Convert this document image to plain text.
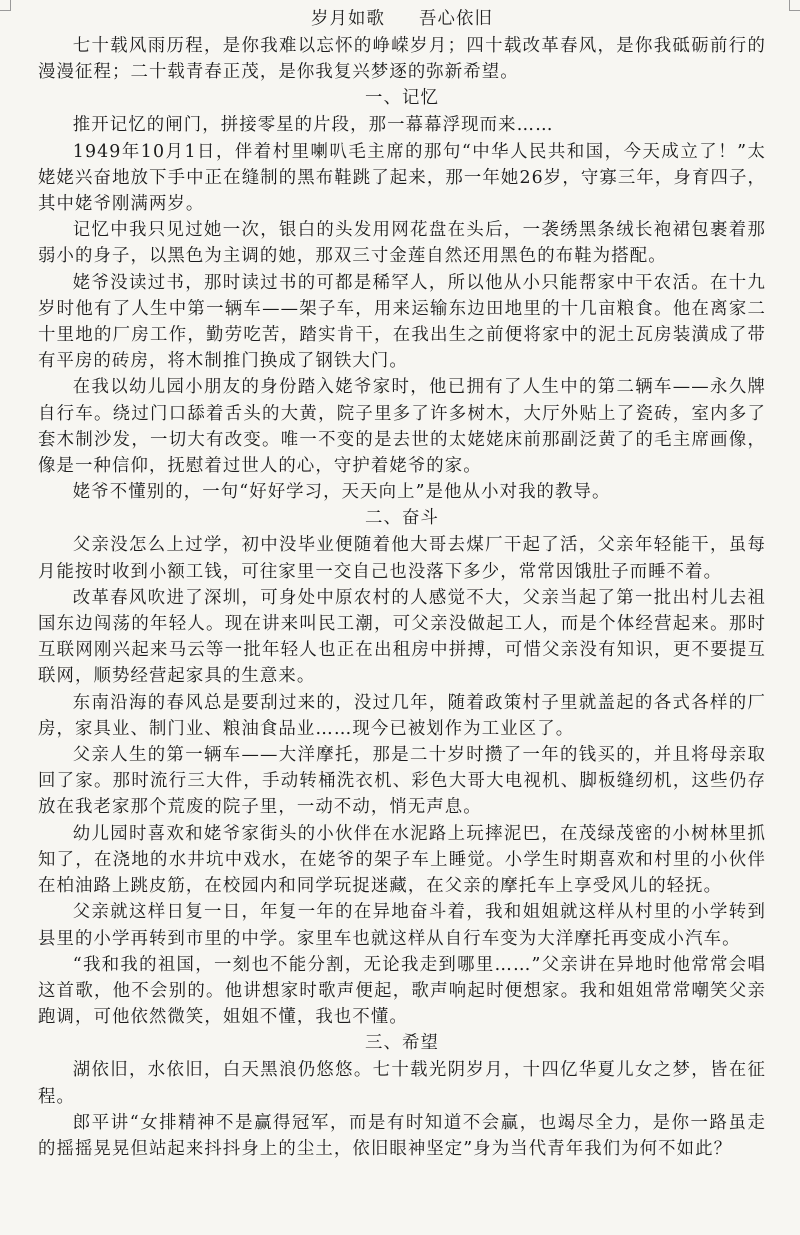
岁月如歌 吾心依旧

七十载风雨历程，是你我难以忘怀的峥嵘岁月；四十载改革春风，是你我砥砺前行的漫漫征程；二十载青春正茂，是你我复兴梦逐的弥新希望。

一、记忆

推开记忆的闸门，拼接零星的片段，那一幕幕浮现而来……

1949年10月1日，伴着村里喇叭毛主席的那句“中华人民共和国，今天成立了！”太姥姥兴奋地放下手中正在缝制的黑布鞋跳了起来，那一年她26岁，守寡三年，身育四子，其中姥爷刚满两岁。

记忆中我只见过她一次，银白的头发用网花盘在头后，一袭绣黑条绒长袍裙包裹着那弱小的身子，以黑色为主调的她，那双三寸金莲自然还用黑色的布鞋为搭配。

姥爷没读过书，那时读过书的可都是稀罕人，所以他从小只能帮家中干农活。在十九岁时他有了人生中第一辆车——架子车，用来运输东边田地里的十几亩粮食。他在离家二十里地的厂房工作，勤劳吃苦，踏实肯干，在我出生之前便将家中的泥土瓦房装潢成了带有平房的砖房，将木制推门换成了钢铁大门。

在我以幼儿园小朋友的身份踏入姥爷家时，他已拥有了人生中的第二辆车——永久牌自行车。绕过门口舔着舌头的大黄，院子里多了许多树木，大厅外贴上了瓷砖，室内多了套木制沙发，一切大有改变。唯一不变的是去世的太姥姥床前那副泛黄了的毛主席画像，像是一种信仰，抚慰着过世人的心，守护着姥爷的家。

姥爷不懂别的，一句“好好学习，天天向上”是他从小对我的教导。

二、奋斗

父亲没怎么上过学，初中没毕业便随着他大哥去煤厂干起了活，父亲年轻能干，虽每月能按时收到小额工钱，可往家里一交自己也没落下多少，常常因饿肚子而睡不着。

改革春风吹进了深圳，可身处中原农村的人感觉不大，父亲当起了第一批出村儿去祖国东边闯荡的年轻人。现在讲来叫民工潮，可父亲没做起工人，而是个体经营起来。那时互联网刚兴起来马云等一批年轻人也正在出租房中拼搏，可惜父亲没有知识，更不要提互联网，顺势经营起家具的生意来。

东南沿海的春风总是要刮过来的，没过几年，随着政策村子里就盖起的各式各样的厂房，家具业、制门业、粮油食品业……现今已被划作为工业区了。

父亲人生的第一辆车——大洋摩托，那是二十岁时攒了一年的钱买的，并且将母亲取回了家。那时流行三大件，手动转桶洗衣机、彩色大哥大电视机、脚板缝纫机，这些仍存放在我老家那个荒废的院子里，一动不动，悄无声息。

幼儿园时喜欢和姥爷家街头的小伙伴在水泥路上玩摔泥巴，在茂绿茂密的小树林里抓知了，在浇地的水井坑中戏水，在姥爷的架子车上睡觉。小学生时期喜欢和村里的小伙伴在柏油路上跳皮筋，在校园内和同学玩捉迷藏，在父亲的摩托车上享受风儿的轻抚。

父亲就这样日复一日，年复一年的在异地奋斗着，我和姐姐就这样从村里的小学转到县里的小学再转到市里的中学。家里车也就这样从自行车变为大洋摩托再变成小汽车。

“我和我的祖国，一刻也不能分割，无论我走到哪里……”父亲讲在异地时他常常会唱这首歌，他不会别的。他讲想家时歌声便起，歌声响起时便想家。我和姐姐常常嘲笑父亲跑调，可他依然微笑，姐姐不懂，我也不懂。

三、希望

湖依旧，水依旧，白天黑浪仍悠悠。七十载光阴岁月，十四亿华夏儿女之梦，皆在征程。

郎平讲“女排精神不是赢得冠军，而是有时知道不会赢，也竭尽全力，是你一路虽走的摇摇晃晃但站起来抖抖身上的尘土，依旧眼神坚定”身为当代青年我们为何不如此？
